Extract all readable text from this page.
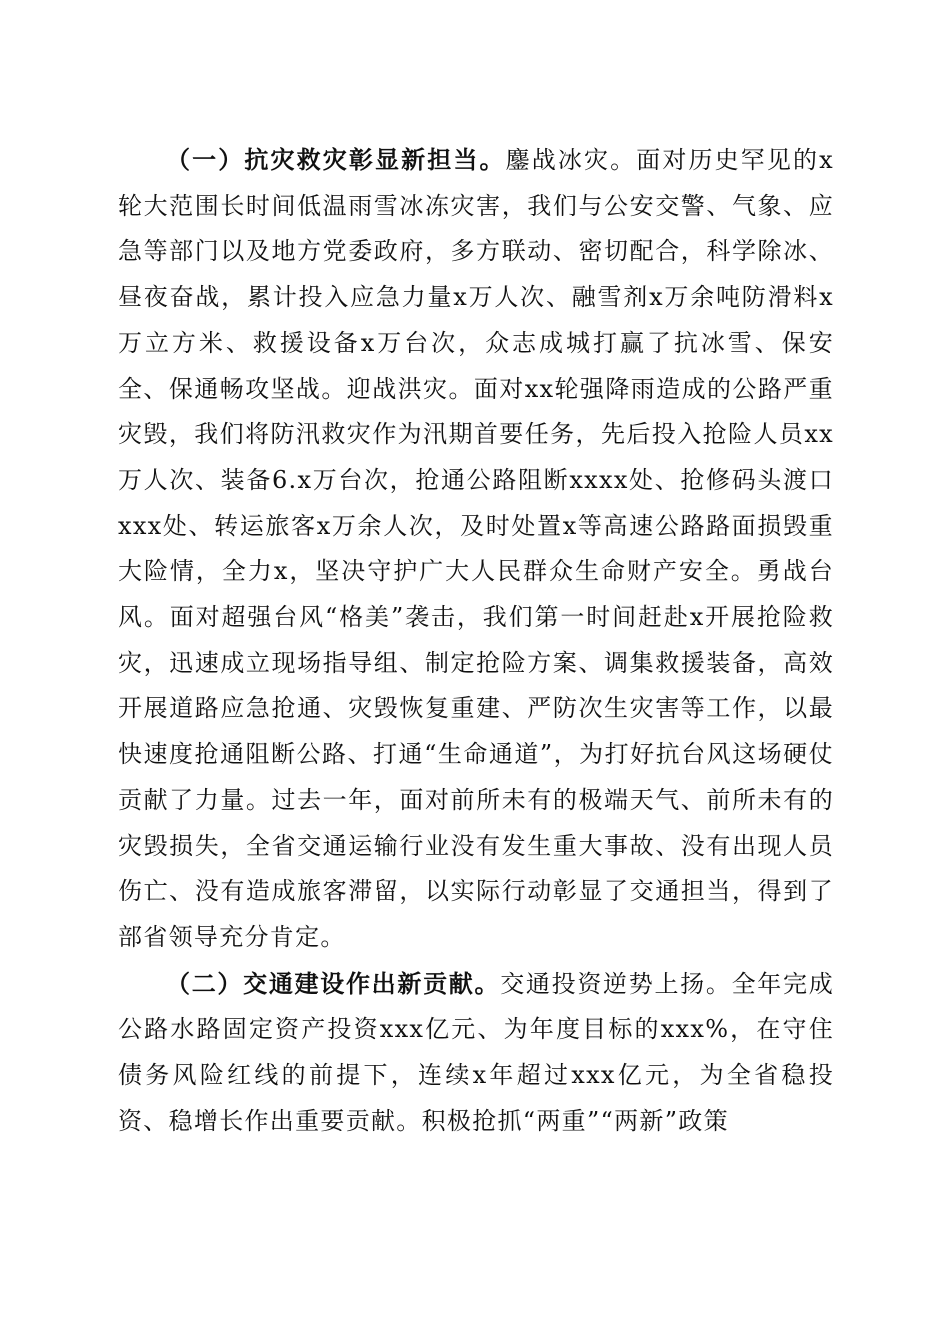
（一）抗灾救灾彰显新担当。鏖战冰灾。面对历史罕见的x轮大范围长时间低温雨雪冰冻灾害，我们与公安交警、气象、应急等部门以及地方党委政府，多方联动、密切配合，科学除冰、昼夜奋战，累计投入应急力量x万人次、融雪剂x万余吨防滑料x万立方米、救援设备x万台次，众志成城打赢了抗冰雪、保安全、保通畅攻坚战。迎战洪灾。面对xx轮强降雨造成的公路严重灾毁，我们将防汛救灾作为汛期首要任务，先后投入抢险人员xx万人次、装备6.x万台次，抢通公路阻断xxxx处、抢修码头渡口xxx处、转运旅客x万余人次，及时处置x等高速公路路面损毁重大险情，全力x，坚决守护广大人民群众生命财产安全。勇战台风。面对超强台风“格美”袭击，我们第一时间赶赴x开展抢险救灾，迅速成立现场指导组、制定抢险方案、调集救援装备，高效开展道路应急抢通、灾毁恢复重建、严防次生灾害等工作，以最快速度抢通阻断公路、打通“生命通道”，为打好抗台风这场硬仗贡献了力量。过去一年，面对前所未有的极端天气、前所未有的灾毁损失，全省交通运输行业没有发生重大事故、没有出现人员伤亡、没有造成旅客滞留，以实际行动彰显了交通担当，得到了部省领导充分肯定。

（二）交通建设作出新贡献。交通投资逆势上扬。全年完成公路水路固定资产投资xxx亿元、为年度目标的xxx%，在守住债务风险红线的前提下，连续x年超过xxx亿元，为全省稳投资、稳增长作出重要贡献。积极抢抓“两重”“两新”政策
